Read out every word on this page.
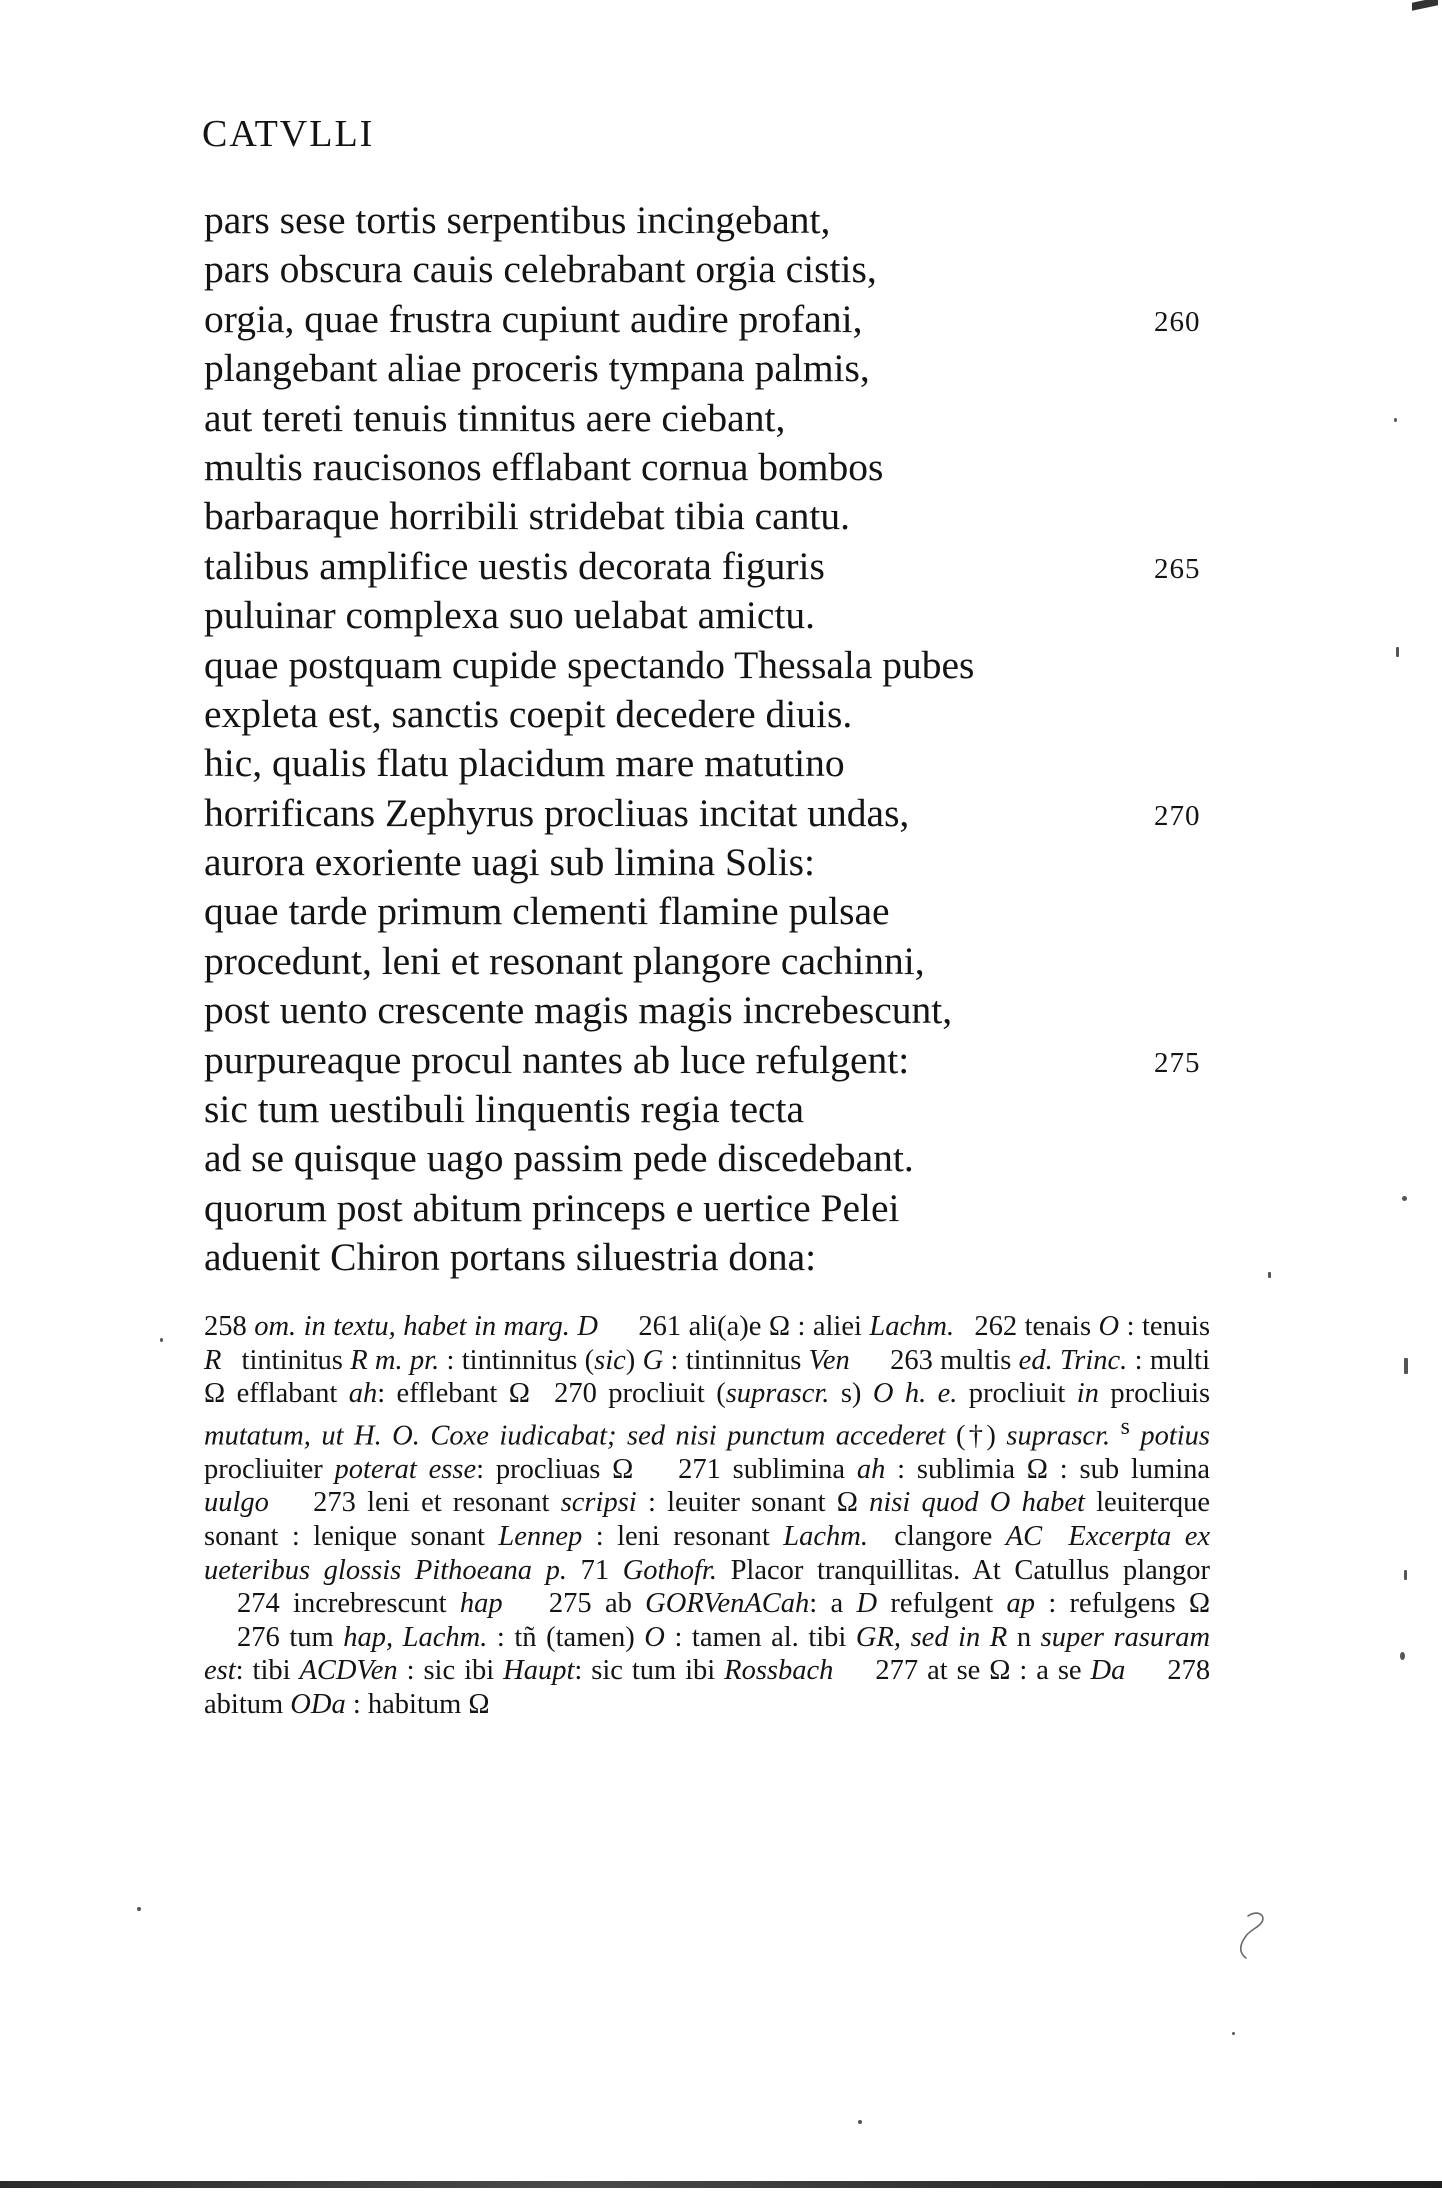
CATVLLI
pars sese tortis serpentibus incingebant,
pars obscura cauis celebrabant orgia cistis,
orgia, quae frustra cupiunt audire profani,	260
plangebant aliae proceris tympana palmis,
aut tereti tenuis tinnitus aere ciebant,
multis raucisonos efflabant cornua bombos
barbaraque horribili stridebat tibia cantu.
talibus amplifice uestis decorata figuris	265
puluinar complexa suo uelabat amictu.
quae postquam cupide spectando Thessala pubes
expleta est, sanctis coepit decedere diuis.
hic, qualis flatu placidum mare matutino
horrificans Zephyrus procliuas incitat undas,	270
aurora exoriente uagi sub limina Solis:
quae tarde primum clementi flamine pulsae
procedunt, leni et resonant plangore cachinni,
post uento crescente magis magis increbescunt,
purpureaque procul nantes ab luce refulgent:	275
sic tum uestibuli linquentis regia tecta
ad se quisque uago passim pede discedebant.
quorum post abitum princeps e uertice Pelei
aduenit Chiron portans siluestria dona:
258 om. in textu, habet in marg. D 261 ali(a)e Ω : aliei Lachm. 262 tenais O : tenuis R tintinitus R m. pr. : tintinnitus (sic) G : tintinnitus Ven 263 multis ed. Trinc. : multi Ω efflabant ah: efflebant Ω 270 procliuit (suprascr. s) O h. e. procliuit in procliuis mutatum, ut H. O. Coxe iudicabat; sed nisi punctum accederet (†) suprascr. $^s$ potius procliuiter poterat esse: procliuas Ω 271 sublimina ah : sublimia Ω : sub lumina uulgo 273 leni et resonant scripsi : leuiter sonant Ω nisi quod O habet leuiterque sonant : lenique sonant Lennep : leni resonant Lachm. clangore AC Excerpta ex ueteribus glossis Pithoeana p. 71 Gothofr. Placor tranquillitas. At Catullus plangor 274 increbrescunt hap 275 ab GORVenACah: a D refulgent ap : refulgens Ω 276 tum hap, Lachm. : tñ (tamen) O : tamen al. tibi GR, sed in R n super rasuram est: tibi ACDVen : sic ibi Haupt: sic tum ibi Rossbach 277 at se Ω : a se Da 278 abitum ODa : habitum Ω
